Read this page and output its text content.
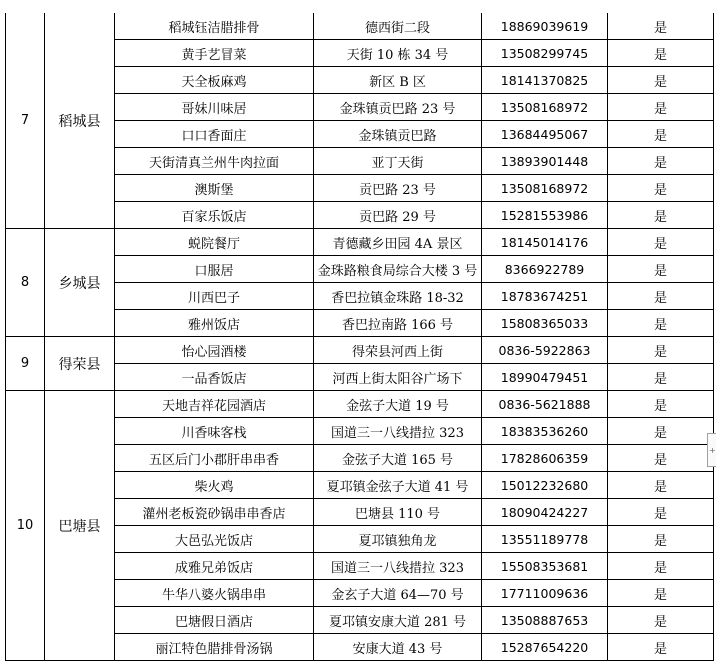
7	稻城县	稻城钰洁腊排骨	德西街二段	18869039619	是
		黄手艺冒菜	天街 10 栋 34 号	13508299745	是
		天全板麻鸡	新区 B 区	18141370825	是
		哥妹川味居	金珠镇贡巴路 23 号	13508168972	是
		口口香面庄	金珠镇贡巴路	13684495067	是
		天街清真兰州牛肉拉面	亚丁天街	13893901448	是
		澳斯堡	贡巴路 23 号	13508168972	是
		百家乐饭店	贡巴路 29 号	15281553986	是
8	乡城县	蜕院餐厅	青德藏乡田园 4A 景区	18145014176	是
		口服居	金珠路粮食局综合大楼 3 号	8366922789	是
		川西巴子	香巴拉镇金珠路 18-32	18783674251	是
		雅州饭店	香巴拉南路 166 号	15808365033	是
9	得荣县	怡心园酒楼	得荣县河西上街	0836-5922863	是
		一品香饭店	河西上街太阳谷广场下	18990479451	是
10	巴塘县	天地吉祥花园酒店	金弦子大道 19 号	0836-5621888	是
		川香味客栈	国道三一八线措拉 323	18383536260	是
		五区后门小郡肝串串香	金弦子大道 165 号	17828606359	是
		柴火鸡	夏邛镇金弦子大道 41 号	15012232680	是
		灌州老板瓷砂锅串串香店	巴塘县 110 号	18090424227	是
		大邑弘光饭店	夏邛镇独角龙	13551189778	是
		成雅兄弟饭店	国道三一八线措拉 323	15508353681	是
		牛华八婆火锅串串	金玄子大道 64—70 号	17711009636	是
		巴塘假日酒店	夏邛镇安康大道 281 号	13508887653	是
		丽江特色腊排骨汤锅	安康大道 43 号	15287654220	是
+
